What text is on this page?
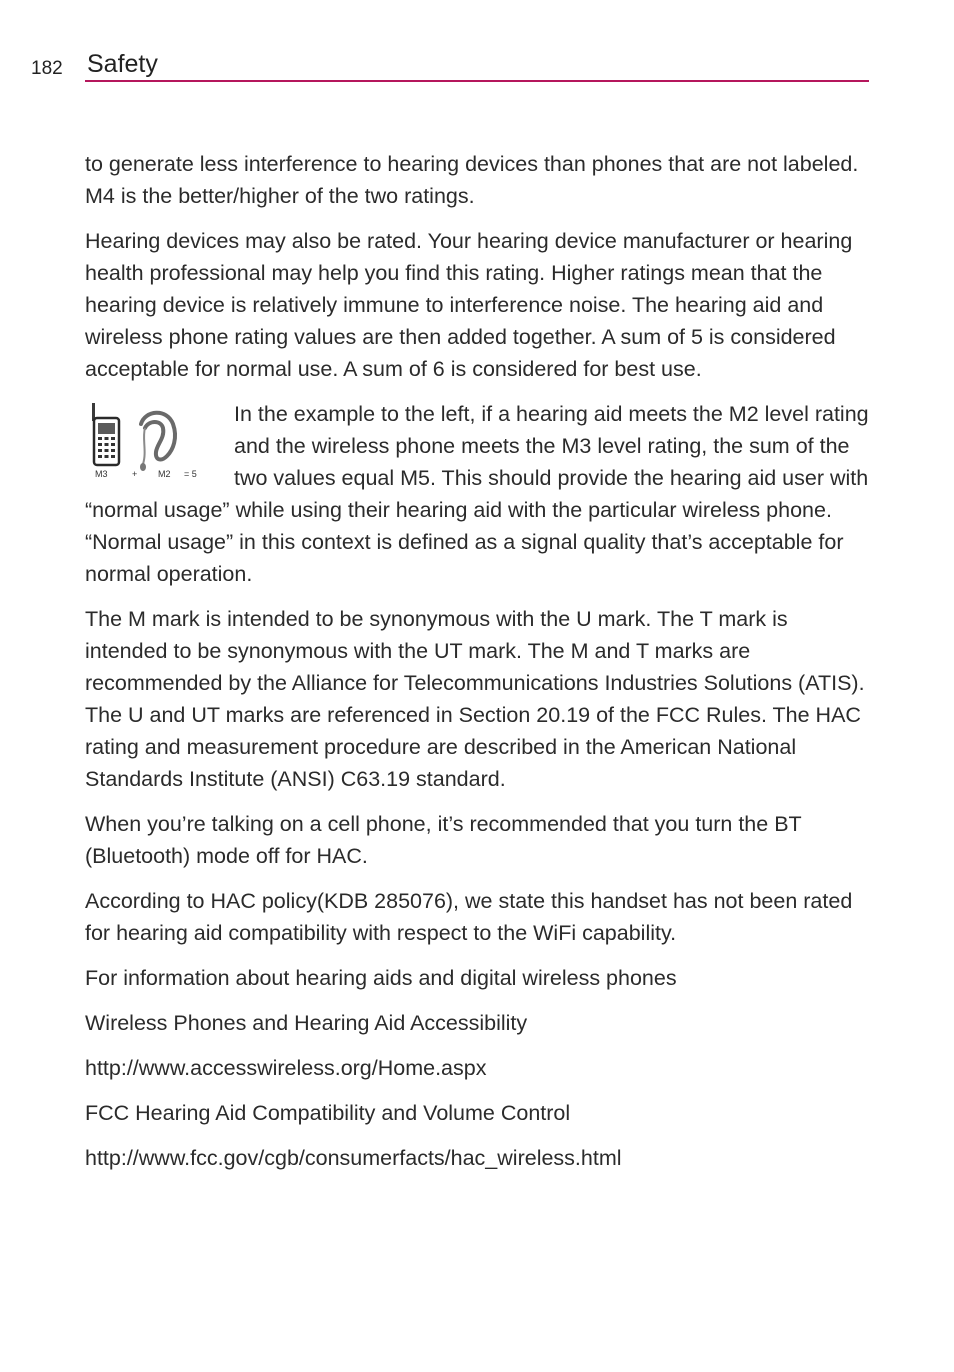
182 Safety

to generate less interference to hearing devices than phones that are not labeled. M4 is the better/higher of the two ratings.

Hearing devices may also be rated. Your hearing device manufacturer or hearing health professional may help you find this rating. Higher ratings mean that the hearing device is relatively immune to interference noise. The hearing aid and wireless phone rating values are then added together. A sum of 5 is considered acceptable for normal use. A sum of 6 is considered for best use.

M3	+ M2 = 5
In the example to the left, if a hearing aid meets the M2 level rating and the wireless phone meets the M3 level rating, the sum of the two values equal M5. This should provide the hearing aid user with “normal usage” while using their hearing aid with the particular wireless phone. “Normal usage” in this context is defined as a signal quality that’s acceptable for normal operation.

The M mark is intended to be synonymous with the U mark. The T mark is intended to be synonymous with the UT mark. The M and T marks are recommended by the Alliance for Telecommunications Industries Solutions (ATIS). The U and UT marks are referenced in Section 20.19 of the FCC Rules. The HAC rating and measurement procedure are described in the American National Standards Institute (ANSI) C63.19 standard.

When you’re talking on a cell phone, it’s recommended that you turn the BT (Bluetooth) mode off for HAC.

According to HAC policy(KDB 285076), we state this handset has not been rated for hearing aid compatibility with respect to the WiFi capability.

For information about hearing aids and digital wireless phones

Wireless Phones and Hearing Aid Accessibility

http://www.accesswireless.org/Home.aspx

FCC Hearing Aid Compatibility and Volume Control

http://www.fcc.gov/cgb/consumerfacts/hac_wireless.html
